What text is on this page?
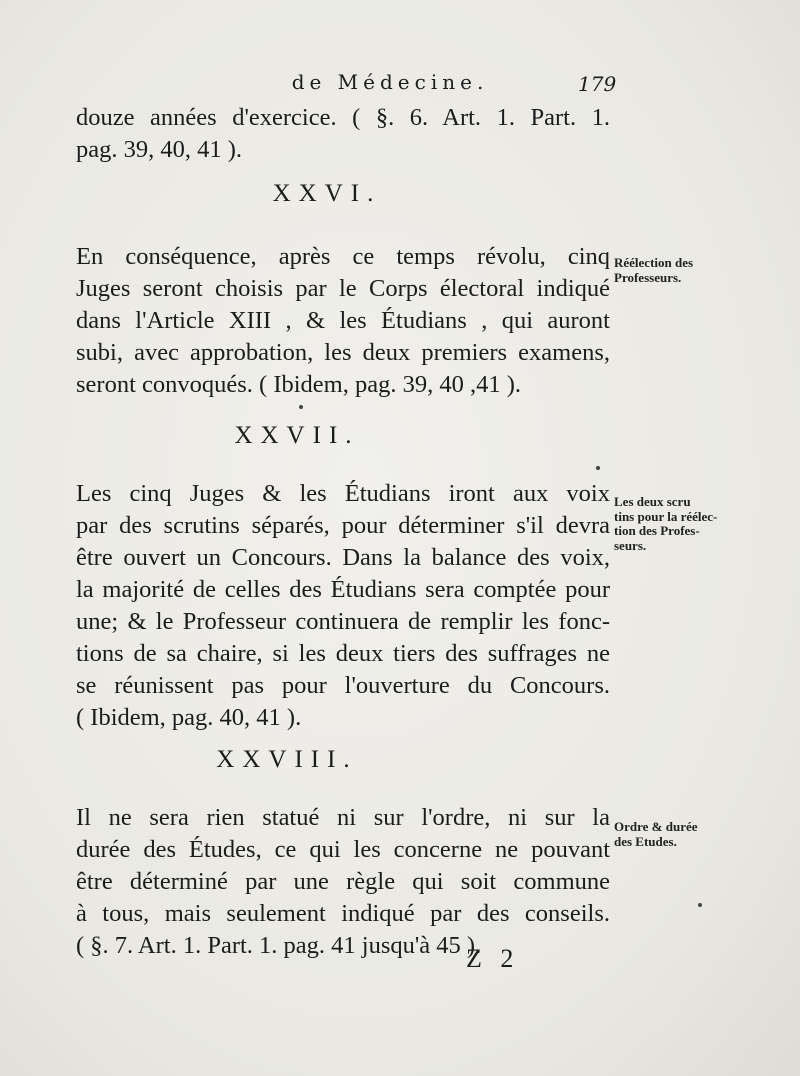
de Médecine.	179
douze années d'exercice. ( §. 6. Art. 1. Part. 1.
pag. 39, 40, 41 ).
XXVI.
En conséquence, après ce temps révolu, cinq
Juges seront choisis par le Corps électoral indiqué
dans l'Article XIII , & les Étudians , qui auront
subi, avec approbation, les deux premiers examens,
seront convoqués. ( Ibidem, pag. 39, 40 ,41 ).
Réélection des
Professeurs.
XXVII.
Les cinq Juges & les Étudians iront aux voix
par des scrutins séparés, pour déterminer s'il devra
être ouvert un Concours. Dans la balance des voix,
la majorité de celles des Étudians sera comptée pour
une; & le Professeur continuera de remplir les fonc-
tions de sa chaire, si les deux tiers des suffrages ne
se réunissent pas pour l'ouverture du Concours.
( Ibidem, pag. 40, 41 ).
Les deux scru
tins pour la réélec-
tion des Profes-
seurs.
XXVIII.
Il ne sera rien statué ni sur l'ordre, ni sur la
durée des Études, ce qui les concerne ne pouvant
être déterminé par une règle qui soit commune
à tous, mais seulement indiqué par des conseils.
( §. 7. Art. 1. Part. 1. pag. 41 jusqu'à 45 ).
Ordre & durée
des Etudes.
Z 2
